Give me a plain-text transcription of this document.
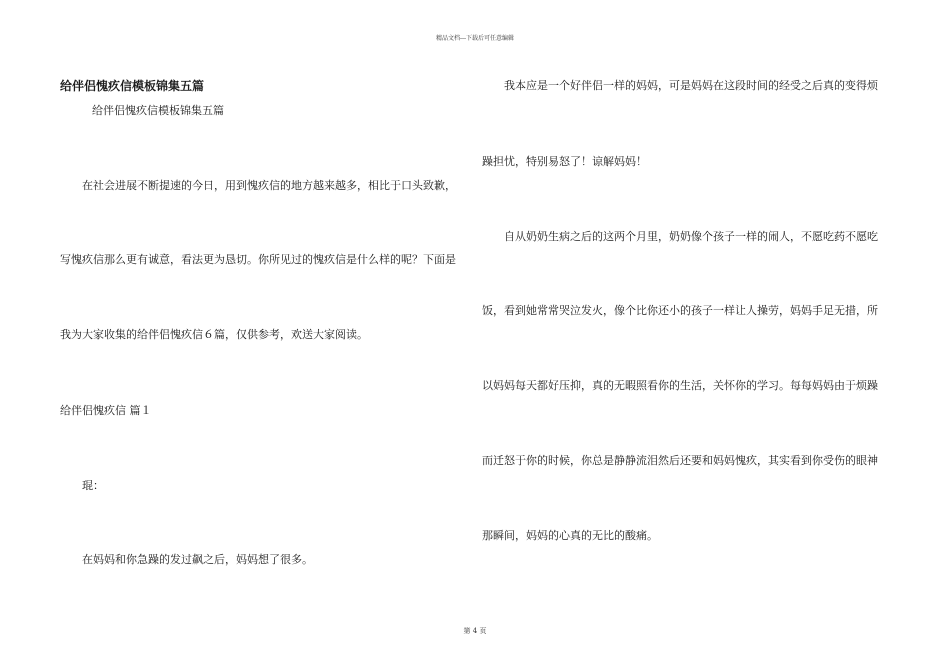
精品文档---下载后可任意编辑
给伴侣愧疚信模板锦集五篇
给伴侣愧疚信模板锦集五篇
在社会进展不断提速的今日，用到愧疚信的地方越来越多，相比于口头致歉，
写愧疚信那么更有诚意，看法更为恳切。你所见过的愧疚信是什么样的呢？下面是
我为大家收集的给伴侣愧疚信６篇，仅供参考，欢送大家阅读。
给伴侣愧疚信 篇１
琨：
在妈妈和你急躁的发过飙之后，妈妈想了很多。
我本应是一个好伴侣一样的妈妈，可是妈妈在这段时间的经受之后真的变得烦
躁担忧，特别易怒了！谅解妈妈！
自从奶奶生病之后的这两个月里，奶奶像个孩子一样的闹人，不愿吃药不愿吃
饭，看到她常常哭泣发火，像个比你还小的孩子一样让人操劳，妈妈手足无措，所
以妈妈每天都好压抑，真的无暇照看你的生活，关怀你的学习。每每妈妈由于烦躁
而迁怒于你的时候，你总是静静流泪然后还要和妈妈愧疚，其实看到你受伤的眼神
那瞬间，妈妈的心真的无比的酸痛。
第 4 页
